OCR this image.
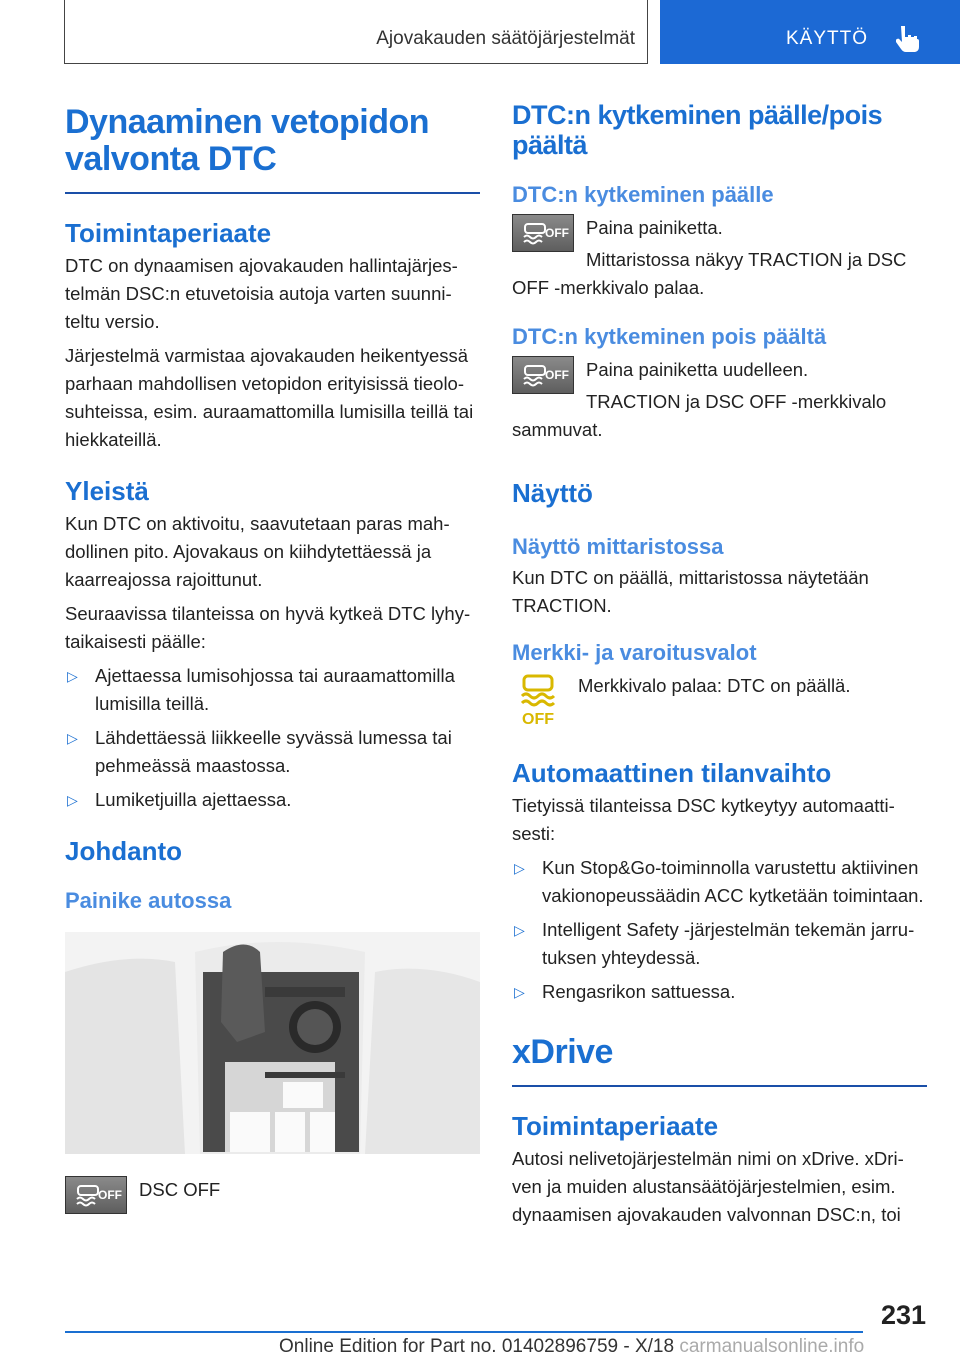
Ajovakauden säätöjärjestelmät	KÄYTTÖ
Dynaaminen vetopidon valvonta DTC
Toimintaperiaate

DTC on dynaamisen ajovakauden hallintajärjestelmän DSC:n etuvetoisia autoja varten suunniteltu versio.

Järjestelmä varmistaa ajovakauden heikentyessä parhaan mahdollisen vetopidon erityisissä tieolosuhteissa, esim. auraamattomilla lumisilla teillä tai hiekkateillä.

Yleistä

Kun DTC on aktivoitu, saavutetaan paras mahdollinen pito. Ajovakaus on kiihdytettäessä ja kaarreajossa rajoittunut.

Seuraavissa tilanteissa on hyvä kytkeä DTC lyhytaikaisesti päälle:

▷ Ajettaessa lumisohjossa tai auraamattomilla lumisilla teillä.
▷ Lähdettäessä liikkeelle syvässä lumessa tai pehmeässä maastossa.
▷ Lumiketjuilla ajettaessa.
Johdanto
Painike autossa
OFF DSC OFF

DTC:n kytkeminen päälle/pois päältä
DTC:n kytkeminen päälle
OFF Paina painiketta.

Mittaristossa näkyy TRACTION ja DSC OFF -merkkivalo palaa.

DTC:n kytkeminen pois päältä
OFF Paina painiketta uudelleen.

TRACTION ja DSC OFF -merkkivalo sammuvat.

Näyttö
Näyttö mittaristossa

Kun DTC on päällä, mittaristossa näytetään TRACTION.

Merkki- ja varoitusvalot
OFF

Merkkivalo palaa: DTC on päällä.

Automaattinen tilanvaihto

Tietyissä tilanteissa DSC kytkeytyy automaattisesti:

▷ Kun Stop&Go-toiminnolla varustettu aktiivinen vakionopeussäädin ACC kytketään toimintaan.
▷ Intelligent Safety -järjestelmän tekemän jarrutuksen yhteydessä.
▷ Rengasrikon sattuessa.
xDrive
Toimintaperiaate

Autosi nelivetojärjestelmän nimi on xDrive. xDriven ja muiden alustansäätöjärjestelmien, esim. dynaamisen ajovakauden valvonnan DSC:n, toi

231
Online Edition for Part no. 01402896759 - X/18 carmanualsonline.info
